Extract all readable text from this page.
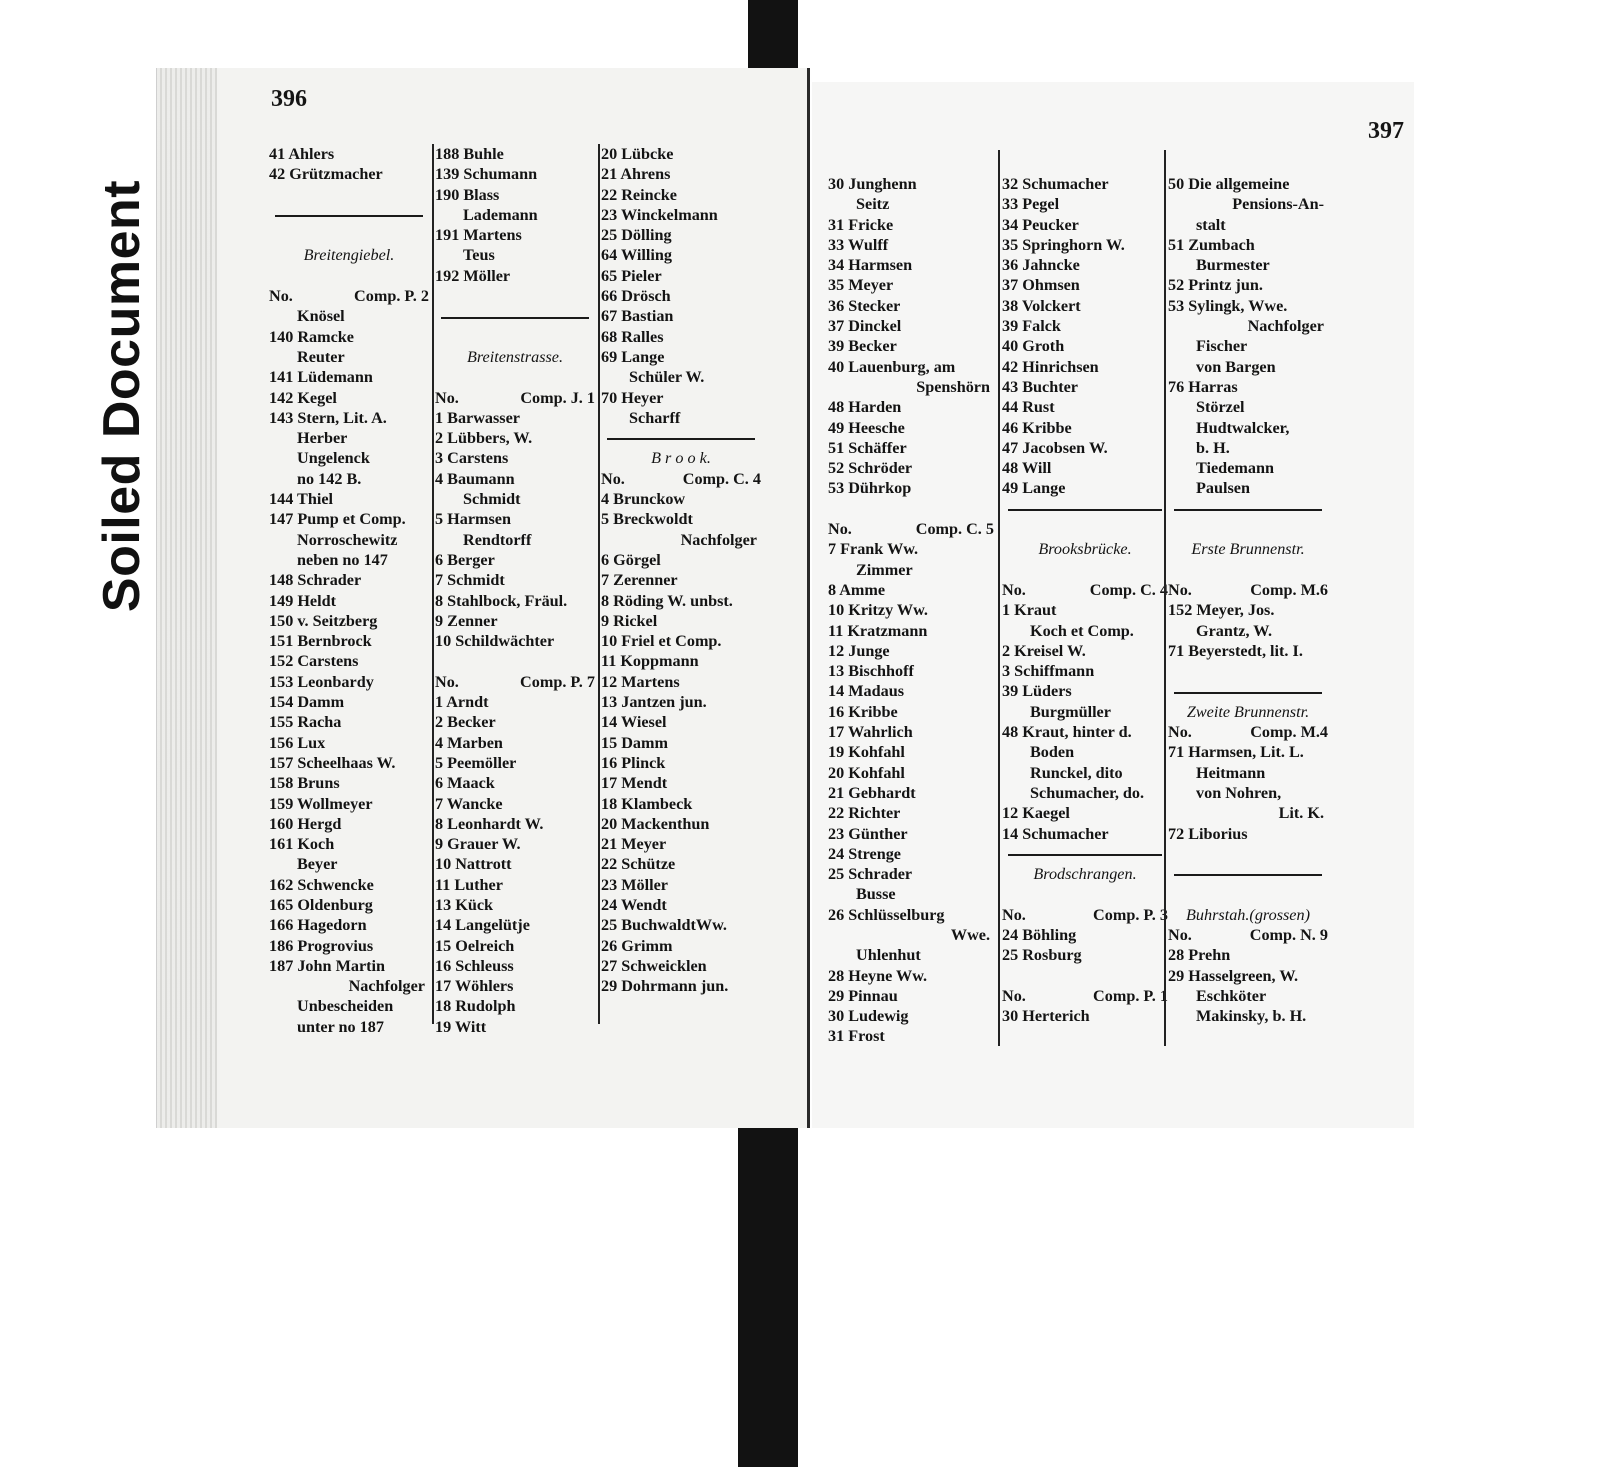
Soiled Document
396
41 Ahlers
42 Grützmacher

Breitengiebel.

No.	Comp. P. 2
Knösel
140 Ramcke
Reuter
141 Lüdemann
142 Kegel
143 Stern, Lit. A.
Herber
Ungelenck
no 142 B.
144 Thiel
147 Pump et Comp.
Norroschewitz
neben no 147
148 Schrader
149 Heldt
150 v. Seitzberg
151 Bernbrock
152 Carstens
153 Leonbardy
154 Damm
155 Racha
156 Lux
157 Scheelhaas W.
158 Bruns
159 Wollmeyer
160 Hergd
161 Koch
Beyer
162 Schwencke
165 Oldenburg
166 Hagedorn
186 Progrovius
187 John Martin
Nachfolger
Unbescheiden
unter no 187
188 Buhle
139 Schumann
190 Blass
Lademann
191 Martens
Teus
192 Möller

Breitenstrasse.

No.	Comp. J. 1
1 Barwasser
2 Lübbers, W.
3 Carstens
4 Baumann
Schmidt
5 Harmsen
Rendtorff
6 Berger
7 Schmidt
8 Stahlbock, Fräul.
9 Zenner
10 Schildwächter

No.	Comp. P. 7
1 Arndt
2 Becker
4 Marben
5 Peemöller
6 Maack
7 Wancke
8 Leonhardt W.
9 Grauer W.
10 Nattrott
11 Luther
13 Kück
14 Langelütje
15 Oelreich
16 Schleuss
17 Wöhlers
18 Rudolph
19 Witt
20 Lübcke
21 Ahrens
22 Reincke
23 Winckelmann
25 Dölling
64 Willing
65 Pieler
66 Drösch
67 Bastian
68 Ralles
69 Lange
Schüler W.
70 Heyer
Scharff

B r o o k.
No.	Comp. C. 4
4 Brunckow
5 Breckwoldt
Nachfolger
6 Görgel
7 Zerenner
8 Röding W. unbst.
9 Rickel
10 Friel et Comp.
11 Koppmann
12 Martens
13 Jantzen jun.
14 Wiesel
15 Damm
16 Plinck
17 Mendt
18 Klambeck
20 Mackenthun
21 Meyer
22 Schütze
23 Möller
24 Wendt
25 BuchwaldtWw.
26 Grimm
27 Schweicklen
29 Dohrmann jun.
397
30 Junghenn
Seitz
31 Fricke
33 Wulff
34 Harmsen
35 Meyer
36 Stecker
37 Dinckel
39 Becker
40 Lauenburg, am
Spenshörn
48 Harden
49 Heesche
51 Schäffer
52 Schröder
53 Dührkop

No.	Comp. C. 5
7 Frank Ww.
Zimmer
8 Amme
10 Kritzy Ww.
11 Kratzmann
12 Junge
13 Bischhoff
14 Madaus
16 Kribbe
17 Wahrlich
19 Kohfahl
20 Kohfahl
21 Gebhardt
22 Richter
23 Günther
24 Strenge
25 Schrader
Busse
26 Schlüsselburg
Wwe.
Uhlenhut
28 Heyne Ww.
29 Pinnau
30 Ludewig
31 Frost
32 Schumacher
33 Pegel
34 Peucker
35 Springhorn W.
36 Jahncke
37 Ohmsen
38 Volckert
39 Falck
40 Groth
42 Hinrichsen
43 Buchter
44 Rust
46 Kribbe
47 Jacobsen W.
48 Will
49 Lange

Brooksbrücke.

No.	Comp. C. 4
1 Kraut
Koch et Comp.
2 Kreisel W.
3 Schiffmann
39 Lüders
Burgmüller
48 Kraut, hinter d.
Boden
Runckel, dito
Schumacher, do.
12 Kaegel
14 Schumacher

Brodschrangen.

No.	Comp. P. 3
24 Böhling
25 Rosburg

No.	Comp. P. 1
30 Herterich
50 Die allgemeine
Pensions-An-
stalt
51 Zumbach
Burmester
52 Printz jun.
53 Sylingk, Wwe.
Nachfolger
Fischer
von Bargen
76 Harras
Störzel
Hudtwalcker,
b. H.
Tiedemann
Paulsen

Erste Brunnenstr.

No.	Comp. M.6
152 Meyer, Jos.
Grantz, W.
71 Beyerstedt, lit. I.

Zweite Brunnenstr.
No.	Comp. M.4
71 Harmsen, Lit. L.
Heitmann
von Nohren,
Lit. K.
72 Liborius

Buhrstah.(grossen)
No.	Comp. N. 9
28 Prehn
29 Hasselgreen, W.
Eschköter
Makinsky, b. H.
